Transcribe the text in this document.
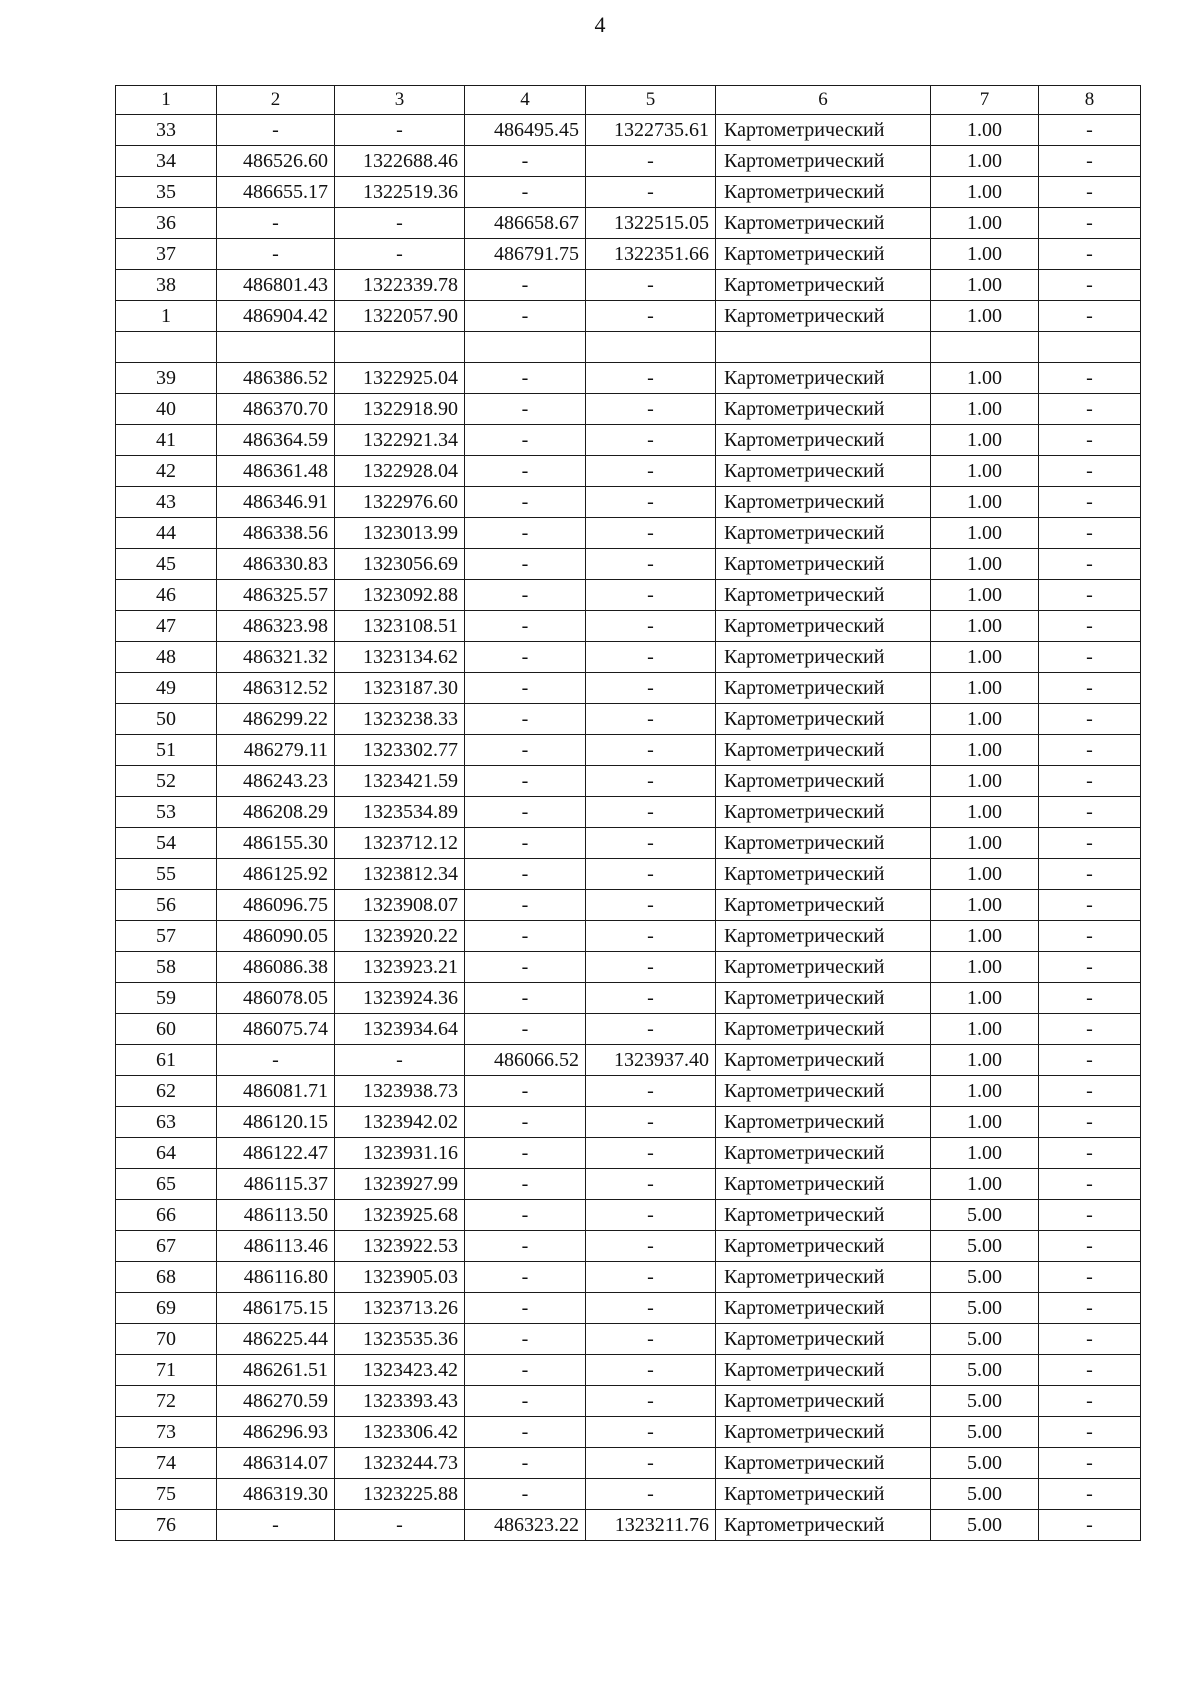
4
1	2	3	4	5	6	7	8
33	-	-	486495.45	1322735.61	Картометрический	1.00	-
34	486526.60	1322688.46	-	-	Картометрический	1.00	-
35	486655.17	1322519.36	-	-	Картометрический	1.00	-
36	-	-	486658.67	1322515.05	Картометрический	1.00	-
37	-	-	486791.75	1322351.66	Картометрический	1.00	-
38	486801.43	1322339.78	-	-	Картометрический	1.00	-
1	486904.42	1322057.90	-	-	Картометрический	1.00	-

39	486386.52	1322925.04	-	-	Картометрический	1.00	-
40	486370.70	1322918.90	-	-	Картометрический	1.00	-
41	486364.59	1322921.34	-	-	Картометрический	1.00	-
42	486361.48	1322928.04	-	-	Картометрический	1.00	-
43	486346.91	1322976.60	-	-	Картометрический	1.00	-
44	486338.56	1323013.99	-	-	Картометрический	1.00	-
45	486330.83	1323056.69	-	-	Картометрический	1.00	-
46	486325.57	1323092.88	-	-	Картометрический	1.00	-
47	486323.98	1323108.51	-	-	Картометрический	1.00	-
48	486321.32	1323134.62	-	-	Картометрический	1.00	-
49	486312.52	1323187.30	-	-	Картометрический	1.00	-
50	486299.22	1323238.33	-	-	Картометрический	1.00	-
51	486279.11	1323302.77	-	-	Картометрический	1.00	-
52	486243.23	1323421.59	-	-	Картометрический	1.00	-
53	486208.29	1323534.89	-	-	Картометрический	1.00	-
54	486155.30	1323712.12	-	-	Картометрический	1.00	-
55	486125.92	1323812.34	-	-	Картометрический	1.00	-
56	486096.75	1323908.07	-	-	Картометрический	1.00	-
57	486090.05	1323920.22	-	-	Картометрический	1.00	-
58	486086.38	1323923.21	-	-	Картометрический	1.00	-
59	486078.05	1323924.36	-	-	Картометрический	1.00	-
60	486075.74	1323934.64	-	-	Картометрический	1.00	-
61	-	-	486066.52	1323937.40	Картометрический	1.00	-
62	486081.71	1323938.73	-	-	Картометрический	1.00	-
63	486120.15	1323942.02	-	-	Картометрический	1.00	-
64	486122.47	1323931.16	-	-	Картометрический	1.00	-
65	486115.37	1323927.99	-	-	Картометрический	1.00	-
66	486113.50	1323925.68	-	-	Картометрический	5.00	-
67	486113.46	1323922.53	-	-	Картометрический	5.00	-
68	486116.80	1323905.03	-	-	Картометрический	5.00	-
69	486175.15	1323713.26	-	-	Картометрический	5.00	-
70	486225.44	1323535.36	-	-	Картометрический	5.00	-
71	486261.51	1323423.42	-	-	Картометрический	5.00	-
72	486270.59	1323393.43	-	-	Картометрический	5.00	-
73	486296.93	1323306.42	-	-	Картометрический	5.00	-
74	486314.07	1323244.73	-	-	Картометрический	5.00	-
75	486319.30	1323225.88	-	-	Картометрический	5.00	-
76	-	-	486323.22	1323211.76	Картометрический	5.00	-
